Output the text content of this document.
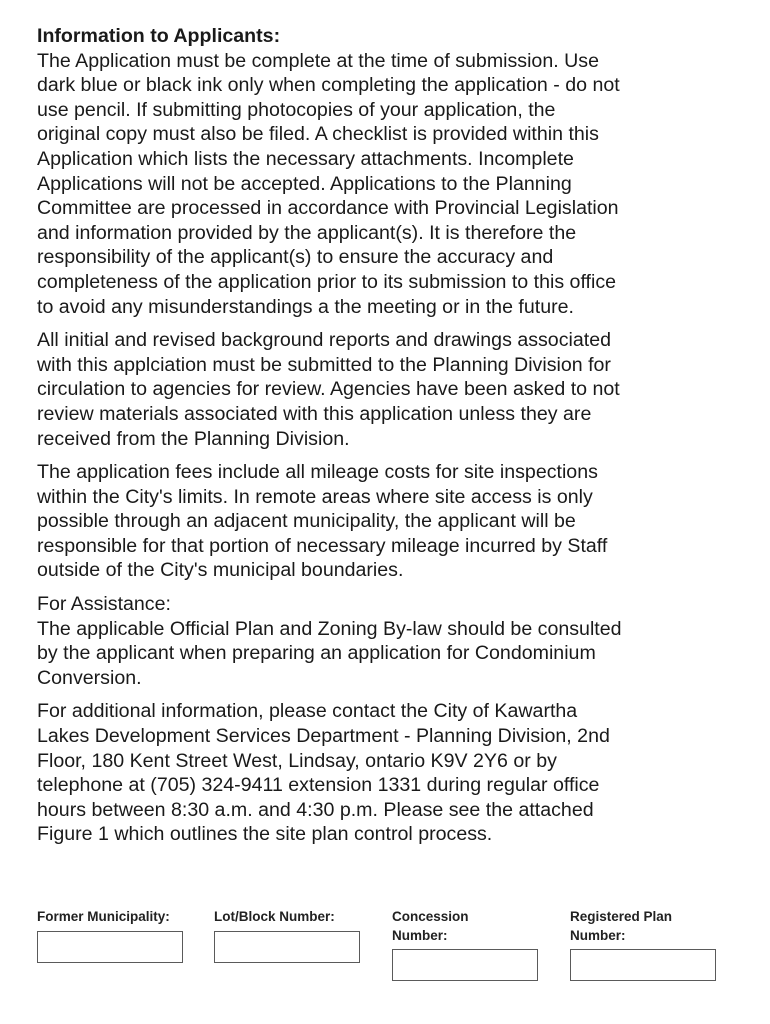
Information to Applicants:

The Application must be complete at the time of submission. Use
dark blue or black ink only when completing the application - do not
use pencil. If submitting photocopies of your application, the
original copy must also be filed. A checklist is provided within this
Application which lists the necessary attachments. Incomplete
Applications will not be accepted. Applications to the Planning
Committee are processed in accordance with Provincial Legislation
and information provided by the applicant(s). It is therefore the
responsibility of the applicant(s) to ensure the accuracy and
completeness of the application prior to its submission to this office
to avoid any misunderstandings a the meeting or in the future.

All initial and revised background reports and drawings associated
with this applciation must be submitted to the Planning Division for
circulation to agencies for review. Agencies have been asked to not
review materials associated with this application unless they are
received from the Planning Division.

The application fees include all mileage costs for site inspections
within the City's limits. In remote areas where site access is only
possible through an adjacent municipality, the applicant will be
responsible for that portion of necessary mileage incurred by Staff
outside of the City's municipal boundaries.

For Assistance:

The applicable Official Plan and Zoning By-law should be consulted
by the applicant when preparing an application for Condominium
Conversion.

For additional information, please contact the City of Kawartha
Lakes Development Services Department - Planning Division, 2nd
Floor, 180 Kent Street West, Lindsay, ontario K9V 2Y6 or by
telephone at (705) 324-9411 extension 1331 during regular office
hours between 8:30 a.m. and 4:30 p.m. Please see the attached
Figure 1 which outlines the site plan control process.

Former Municipality:	Lot/Block Number:	Concession
Number:
Registered Plan
Number:
